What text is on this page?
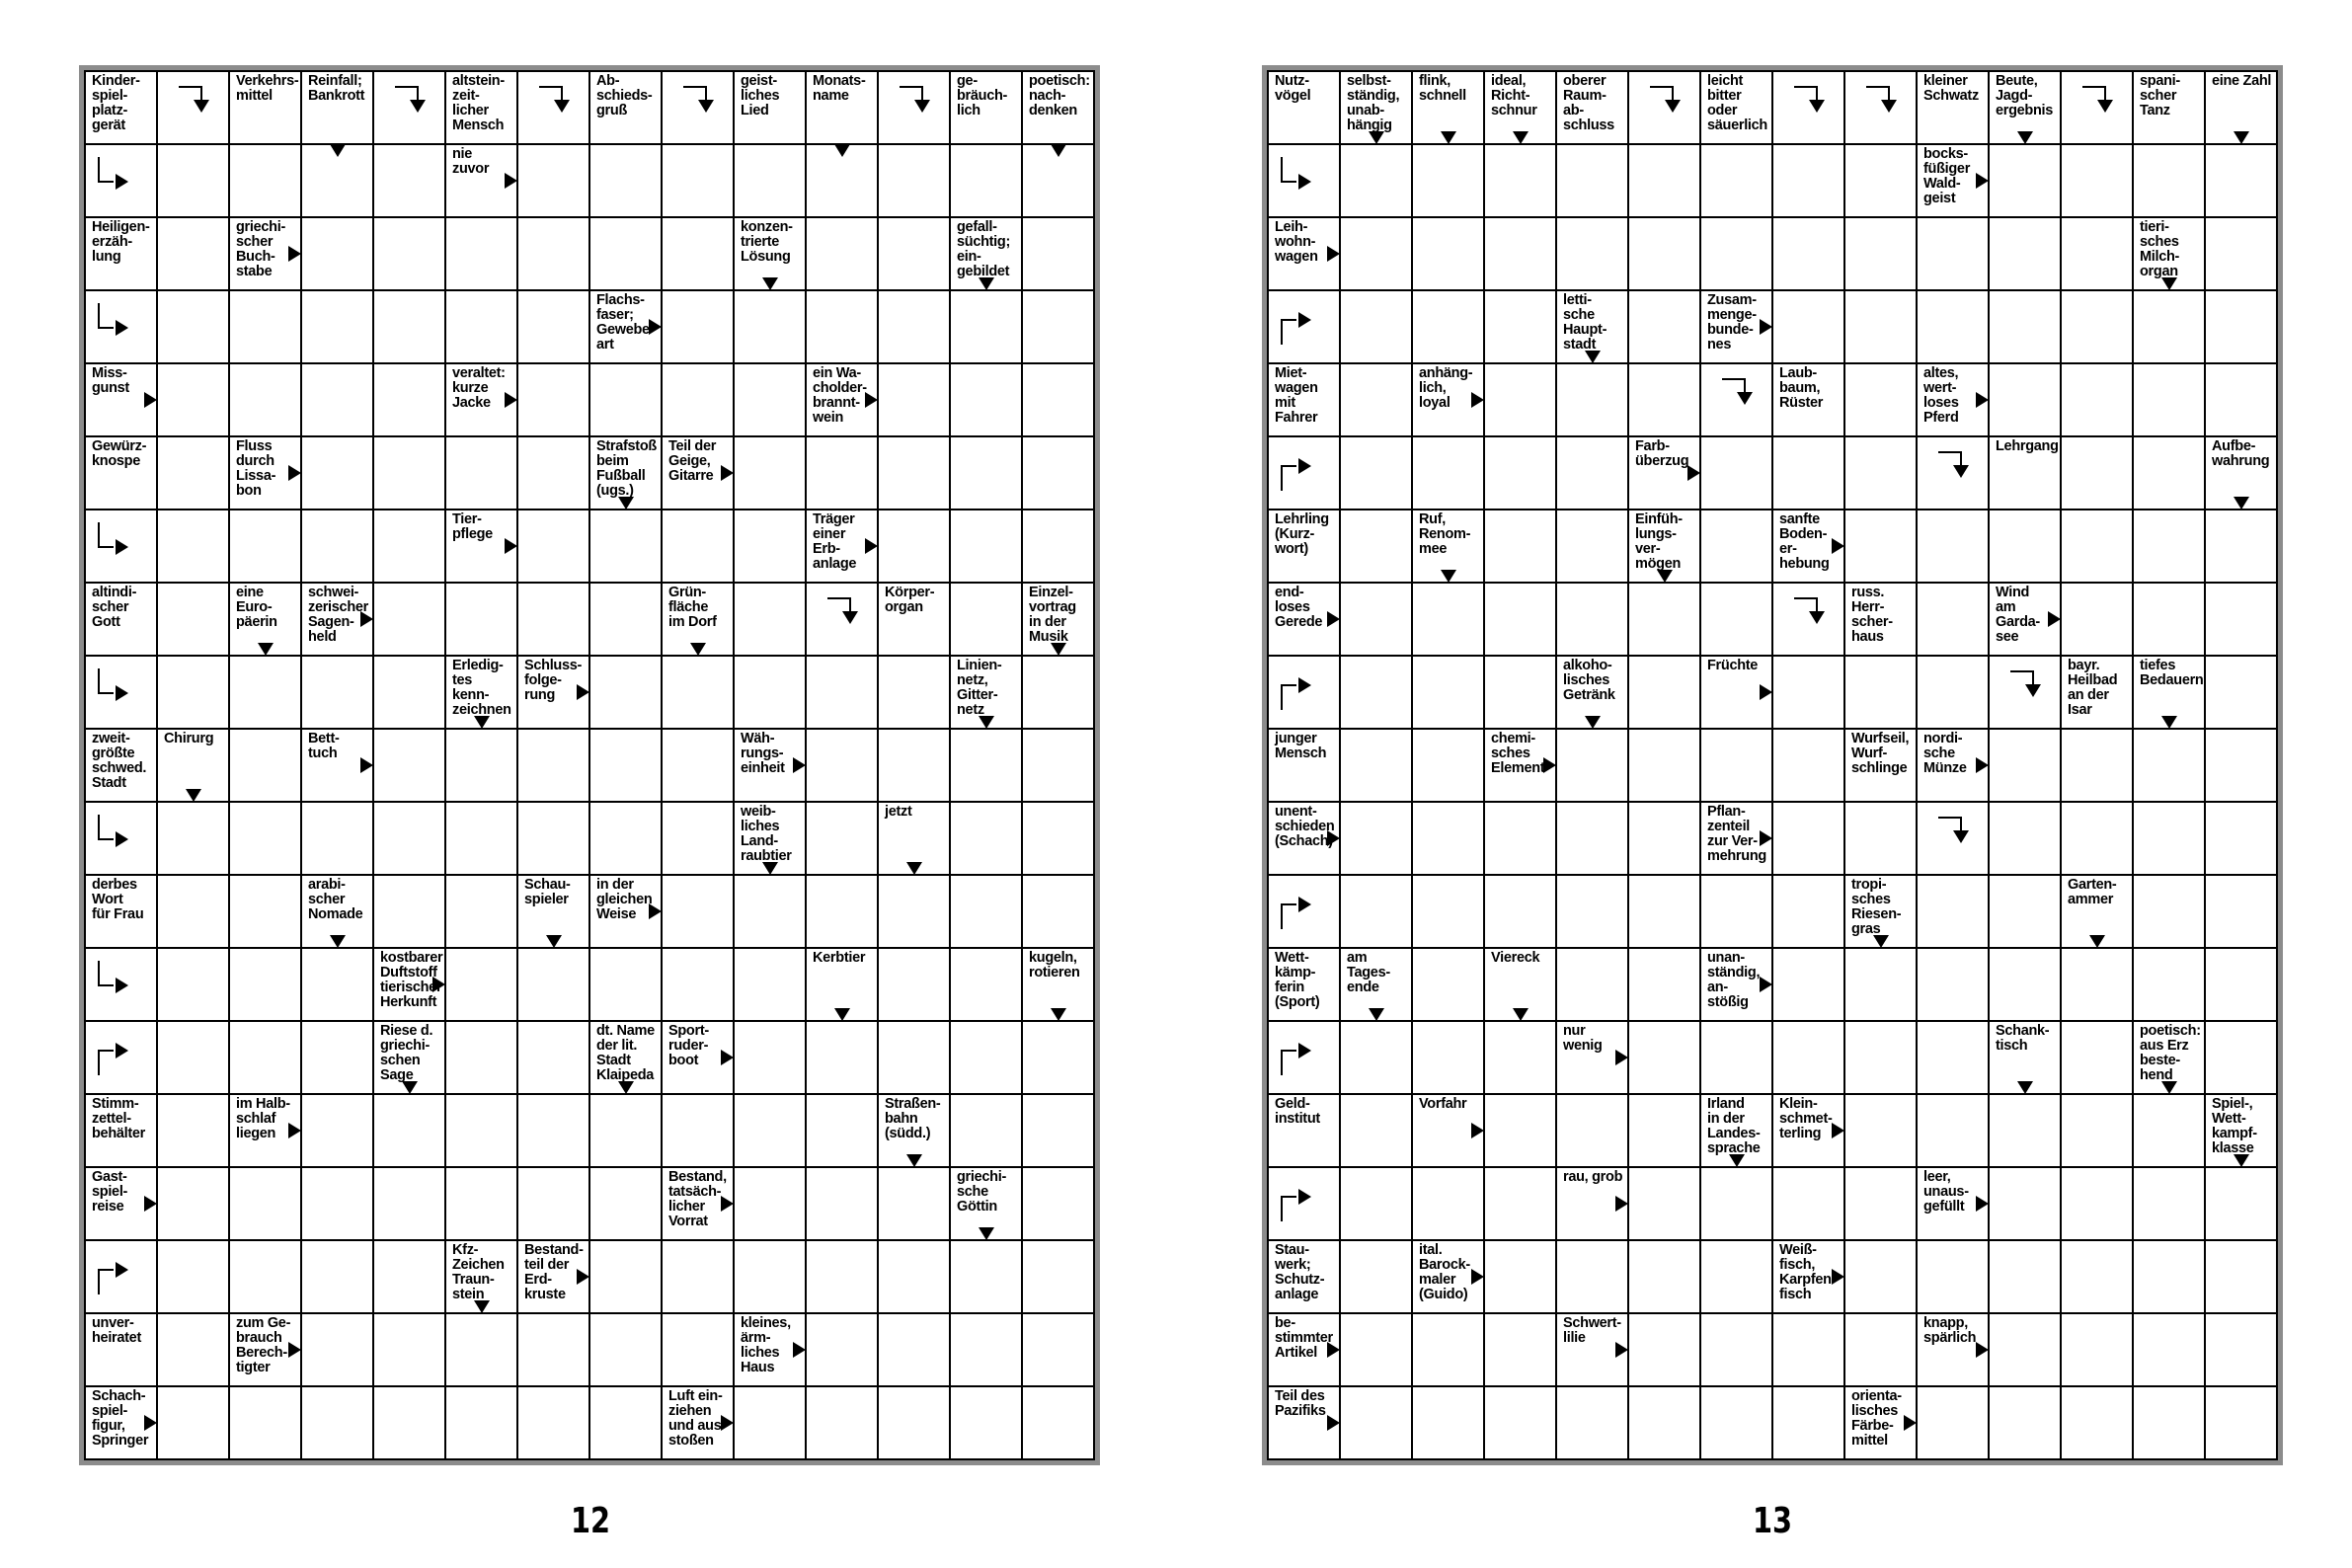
Kinder-
spiel-
platz-
gerät
Verkehrs-
mittel
Reinfall;
Bankrott
altstein-
zeit-
licher
Mensch
Ab-
schieds-
gruß
geist-
liches
Lied
Monats-
name
ge-
bräuch-
lich
poetisch:
nach-
denken
nie
zuvor
Heiligen-
erzäh-
lung
griechi-
scher
Buch-
stabe
konzen-
trierte
Lösung
gefall-
süchtig;
ein-
gebildet
Flachs-
faser;
Gewebe-
art
Miss-
gunst
veraltet:
kurze
Jacke
ein Wa-
cholder-
brannt-
wein
Gewürz-
knospe
Fluss
durch
Lissa-
bon
Strafstoß
beim
Fußball
(ugs.)
Teil der
Geige,
Gitarre
Tier-
pflege
Träger
einer
Erb-
anlage
altindi-
scher
Gott
eine
Euro-
päerin
schwei-
zerischer
Sagen-
held
Grün-
fläche
im Dorf
Körper-
organ
Einzel-
vortrag
in der
Musik
Erledig-
tes
kenn-
zeichnen
Schluss-
folge-
rung
Linien-
netz,
Gitter-
netz
zweit-
größte
schwed.
Stadt
Chirurg	Bett-
tuch
Wäh-
rungs-
einheit
weib-
liches
Land-
raubtier
jetzt
derbes
Wort
für Frau
arabi-
scher
Nomade
Schau-
spieler
in der
gleichen
Weise
kostbarer
Duftstoff
tierischer
Herkunft
Kerbtier	kugeln,
rotieren
Riese d.
griechi-
schen
Sage
dt. Name
der lit.
Stadt
Klaipeda
Sport-
ruder-
boot
Stimm-
zettel-
behälter
im Halb-
schlaf
liegen
Straßen-
bahn
(südd.)
Gast-
spiel-
reise
Bestand,
tatsäch-
licher
Vorrat
griechi-
sche
Göttin
Kfz-
Zeichen
Traun-
stein
Bestand-
teil der
Erd-
kruste
unver-
heiratet
zum Ge-
brauch
Berech-
tigter
kleines,
ärm-
liches
Haus
Schach-
spiel-
figur,
Springer
Luft ein-
ziehen
und aus-
stoßen
12
Nutz-
vögel
selbst-
ständig,
unab-
hängig
flink,
schnell
ideal,
Richt-
schnur
oberer
Raum-
ab-
schluss
leicht
bitter
oder
säuerlich
kleiner
Schwatz
Beute,
Jagd-
ergebnis
spani-
scher
Tanz
eine Zahl
bocks-
füßiger
Wald-
geist
Leih-
wohn-
wagen
tieri-
sches
Milch-
organ
letti-
sche
Haupt-
stadt
Zusam-
menge-
bunde-
nes
Miet-
wagen
mit
Fahrer
anhäng-
lich,
loyal
Laub-
baum,
Rüster
altes,
wert-
loses
Pferd
Farb-
überzug
Lehrgang	Aufbe-
wahrung
Lehrling
(Kurz-
wort)
Ruf,
Renom-
mee
Einfüh-
lungs-
ver-
mögen
sanfte
Boden-
er-
hebung
end-
loses
Gerede
russ.
Herr-
scher-
haus
Wind
am
Garda-
see
alkoho-
lisches
Getränk
Früchte	bayr.
Heilbad
an der
Isar
tiefes
Bedauern
junger
Mensch
chemi-
sches
Element
Wurfseil,
Wurf-
schlinge
nordi-
sche
Münze
unent-
schieden
(Schach)
Pflan-
zenteil
zur Ver-
mehrung
tropi-
sches
Riesen-
gras
Garten-
ammer
Wett-
kämp-
ferin
(Sport)
am
Tages-
ende
Viereck	unan-
ständig,
an-
stößig
nur
wenig
Schank-
tisch
poetisch:
aus Erz
beste-
hend
Geld-
institut
Vorfahr	Irland
in der
Landes-
sprache
Klein-
schmet-
terling
Spiel-,
Wett-
kampf-
klasse
rau, grob	leer,
unaus-
gefüllt
Stau-
werk;
Schutz-
anlage
ital.
Barock-
maler
(Guido)
Weiß-
fisch,
Karpfen-
fisch
be-
stimmter
Artikel
Schwert-
lilie
knapp,
spärlich
Teil des
Pazifiks
orienta-
lisches
Färbe-
mittel
13
